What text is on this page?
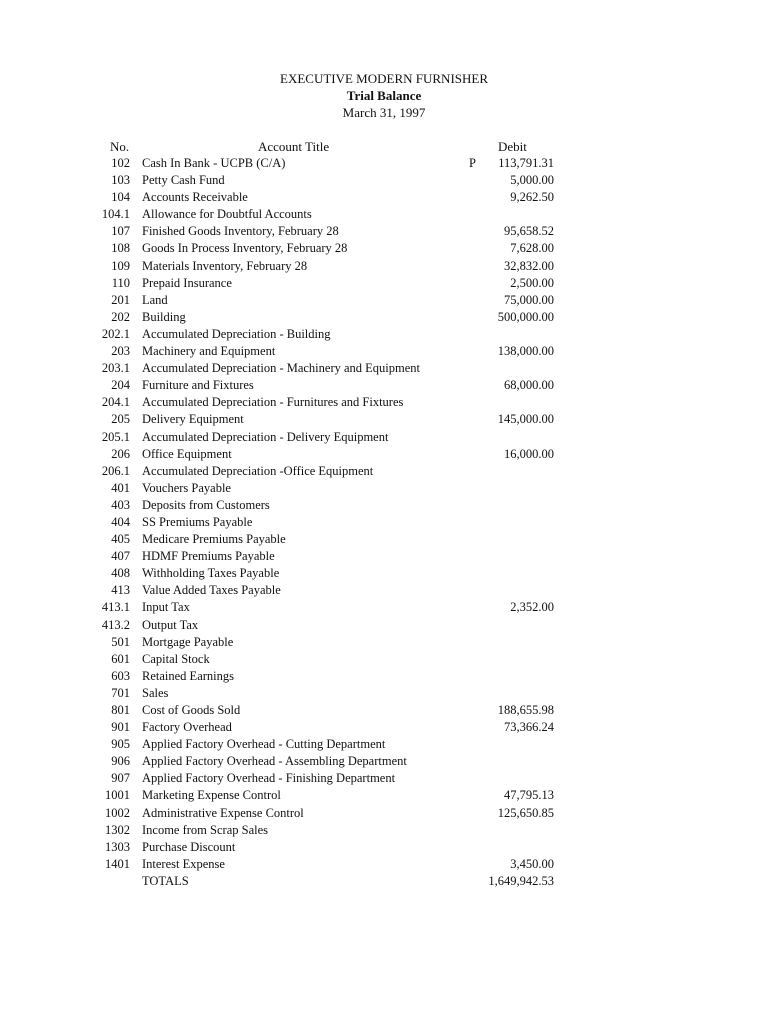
EXECUTIVE MODERN FURNISHER
Trial Balance
March 31, 1997
No.	Account Title	Debit
102 Cash In Bank - UCPB (C/A)	P	113,791.31
103 Petty Cash Fund	5,000.00
104 Accounts Receivable	9,262.50
104.1 Allowance for Doubtful Accounts
107 Finished Goods Inventory, February 28	95,658.52
108 Goods In Process Inventory, February 28	7,628.00
109 Materials Inventory, February 28	32,832.00
110 Prepaid Insurance	2,500.00
201 Land	75,000.00
202 Building	500,000.00
202.1 Accumulated Depreciation - Building
203 Machinery and Equipment	138,000.00
203.1 Accumulated Depreciation - Machinery and Equipment
204 Furniture and Fixtures	68,000.00
204.1 Accumulated Depreciation - Furnitures and Fixtures
205 Delivery Equipment	145,000.00
205.1 Accumulated Depreciation - Delivery Equipment
206 Office Equipment	16,000.00
206.1 Accumulated Depreciation -Office Equipment
401 Vouchers Payable
403 Deposits from Customers
404 SS Premiums Payable
405 Medicare Premiums Payable
407 HDMF Premiums Payable
408 Withholding Taxes Payable
413 Value Added Taxes Payable
413.1 Input Tax	2,352.00
413.2 Output Tax
501 Mortgage Payable
601 Capital Stock
603 Retained Earnings
701 Sales
801 Cost of Goods Sold	188,655.98
901 Factory Overhead	73,366.24
905 Applied Factory Overhead - Cutting Department
906 Applied Factory Overhead - Assembling Department
907 Applied Factory Overhead - Finishing Department
1001 Marketing Expense Control	47,795.13
1002 Administrative Expense Control	125,650.85
1302 Income from Scrap Sales
1303 Purchase Discount
1401 Interest Expense	3,450.00
TOTALS	1,649,942.53
